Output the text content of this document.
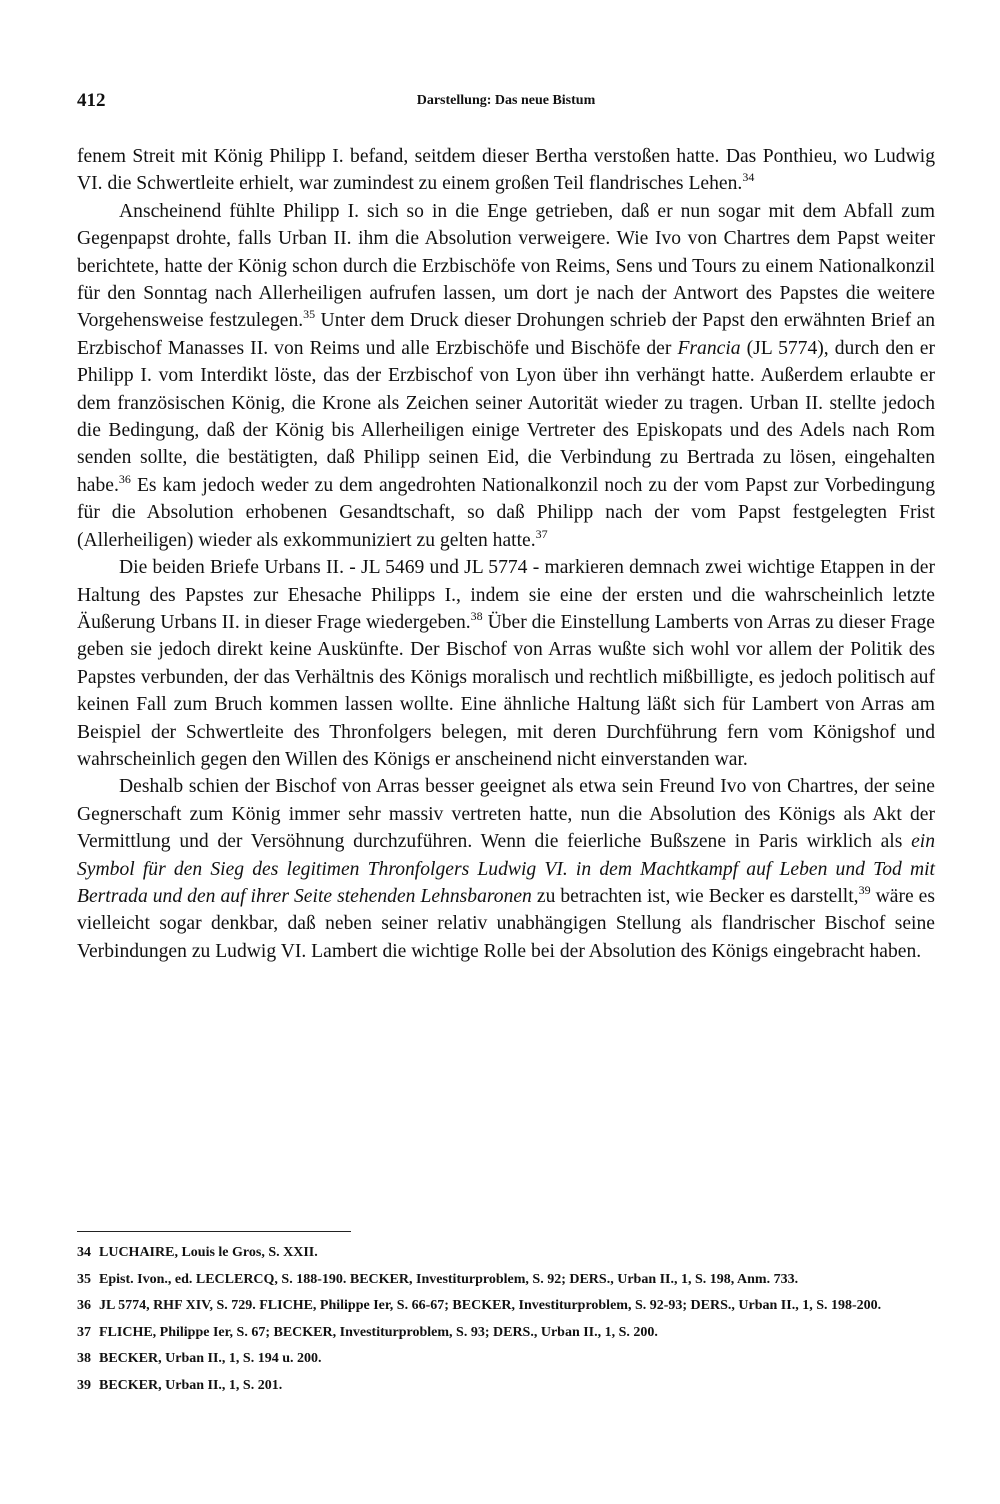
412	Darstellung: Das neue Bistum

fenem Streit mit König Philipp I. befand, seitdem dieser Bertha verstoßen hatte. Das Ponthieu, wo Ludwig VI. die Schwertleite erhielt, war zumindest zu einem großen Teil flandrisches Lehen.$^{34}$

Anscheinend fühlte Philipp I. sich so in die Enge getrieben, daß er nun sogar mit dem Abfall zum Gegenpapst drohte, falls Urban II. ihm die Absolution verweigere. Wie Ivo von Chartres dem Papst weiter berichtete, hatte der König schon durch die Erzbischöfe von Reims, Sens und Tours zu einem Nationalkonzil für den Sonntag nach Allerheiligen aufrufen lassen, um dort je nach der Antwort des Papstes die weitere Vorgehensweise festzulegen.$^{35}$ Unter dem Druck dieser Drohungen schrieb der Papst den erwähnten Brief an Erzbischof Manasses II. von Reims und alle Erzbischöfe und Bischöfe der Francia (JL 5774), durch den er Philipp I. vom Interdikt löste, das der Erzbischof von Lyon über ihn verhängt hatte. Außerdem erlaubte er dem französischen König, die Krone als Zeichen seiner Autorität wieder zu tragen. Urban II. stellte jedoch die Bedingung, daß der König bis Allerheiligen einige Vertreter des Episkopats und des Adels nach Rom senden sollte, die bestätigten, daß Philipp seinen Eid, die Verbindung zu Bertrada zu lösen, eingehalten habe.$^{36}$ Es kam jedoch weder zu dem angedrohten Nationalkonzil noch zu der vom Papst zur Vorbedingung für die Absolution erhobenen Gesandtschaft, so daß Philipp nach der vom Papst festgelegten Frist (Allerheiligen) wieder als exkommuniziert zu gelten hatte.$^{37}$

Die beiden Briefe Urbans II. - JL 5469 und JL 5774 - markieren demnach zwei wichtige Etappen in der Haltung des Papstes zur Ehesache Philipps I., indem sie eine der ersten und die wahrscheinlich letzte Äußerung Urbans II. in dieser Frage wiedergeben.$^{38}$ Über die Einstellung Lamberts von Arras zu dieser Frage geben sie jedoch direkt keine Auskünfte. Der Bischof von Arras wußte sich wohl vor allem der Politik des Papstes verbunden, der das Verhältnis des Königs moralisch und rechtlich mißbilligte, es jedoch politisch auf keinen Fall zum Bruch kommen lassen wollte. Eine ähnliche Haltung läßt sich für Lambert von Arras am Beispiel der Schwertleite des Thronfolgers belegen, mit deren Durchführung fern vom Königshof und wahrscheinlich gegen den Willen des Königs er anscheinend nicht einverstanden war.

Deshalb schien der Bischof von Arras besser geeignet als etwa sein Freund Ivo von Chartres, der seine Gegnerschaft zum König immer sehr massiv vertreten hatte, nun die Absolution des Königs als Akt der Vermittlung und der Versöhnung durchzuführen. Wenn die feierliche Bußszene in Paris wirklich als ein Symbol für den Sieg des legitimen Thronfolgers Ludwig VI. in dem Machtkampf auf Leben und Tod mit Bertrada und den auf ihrer Seite stehenden Lehnsbaronen zu betrachten ist, wie Becker es darstellt,$^{39}$ wäre es vielleicht sogar denkbar, daß neben seiner relativ unabhängigen Stellung als flandrischer Bischof seine Verbindungen zu Ludwig VI. Lambert die wichtige Rolle bei der Absolution des Königs eingebracht haben.

34 LUCHAIRE, Louis le Gros, S. XXII.
35 Epist. Ivon., ed. LECLERCQ, S. 188-190. BECKER, Investiturproblem, S. 92; DERS., Urban II., 1, S. 198, Anm. 733.
36 JL 5774, RHF XIV, S. 729. FLICHE, Philippe Ier, S. 66-67; BECKER, Investiturproblem, S. 92-93; DERS., Urban II., 1, S. 198-200.
37 FLICHE, Philippe Ier, S. 67; BECKER, Investiturproblem, S. 93; DERS., Urban II., 1, S. 200.
38 BECKER, Urban II., 1, S. 194 u. 200.
39 BECKER, Urban II., 1, S. 201.
